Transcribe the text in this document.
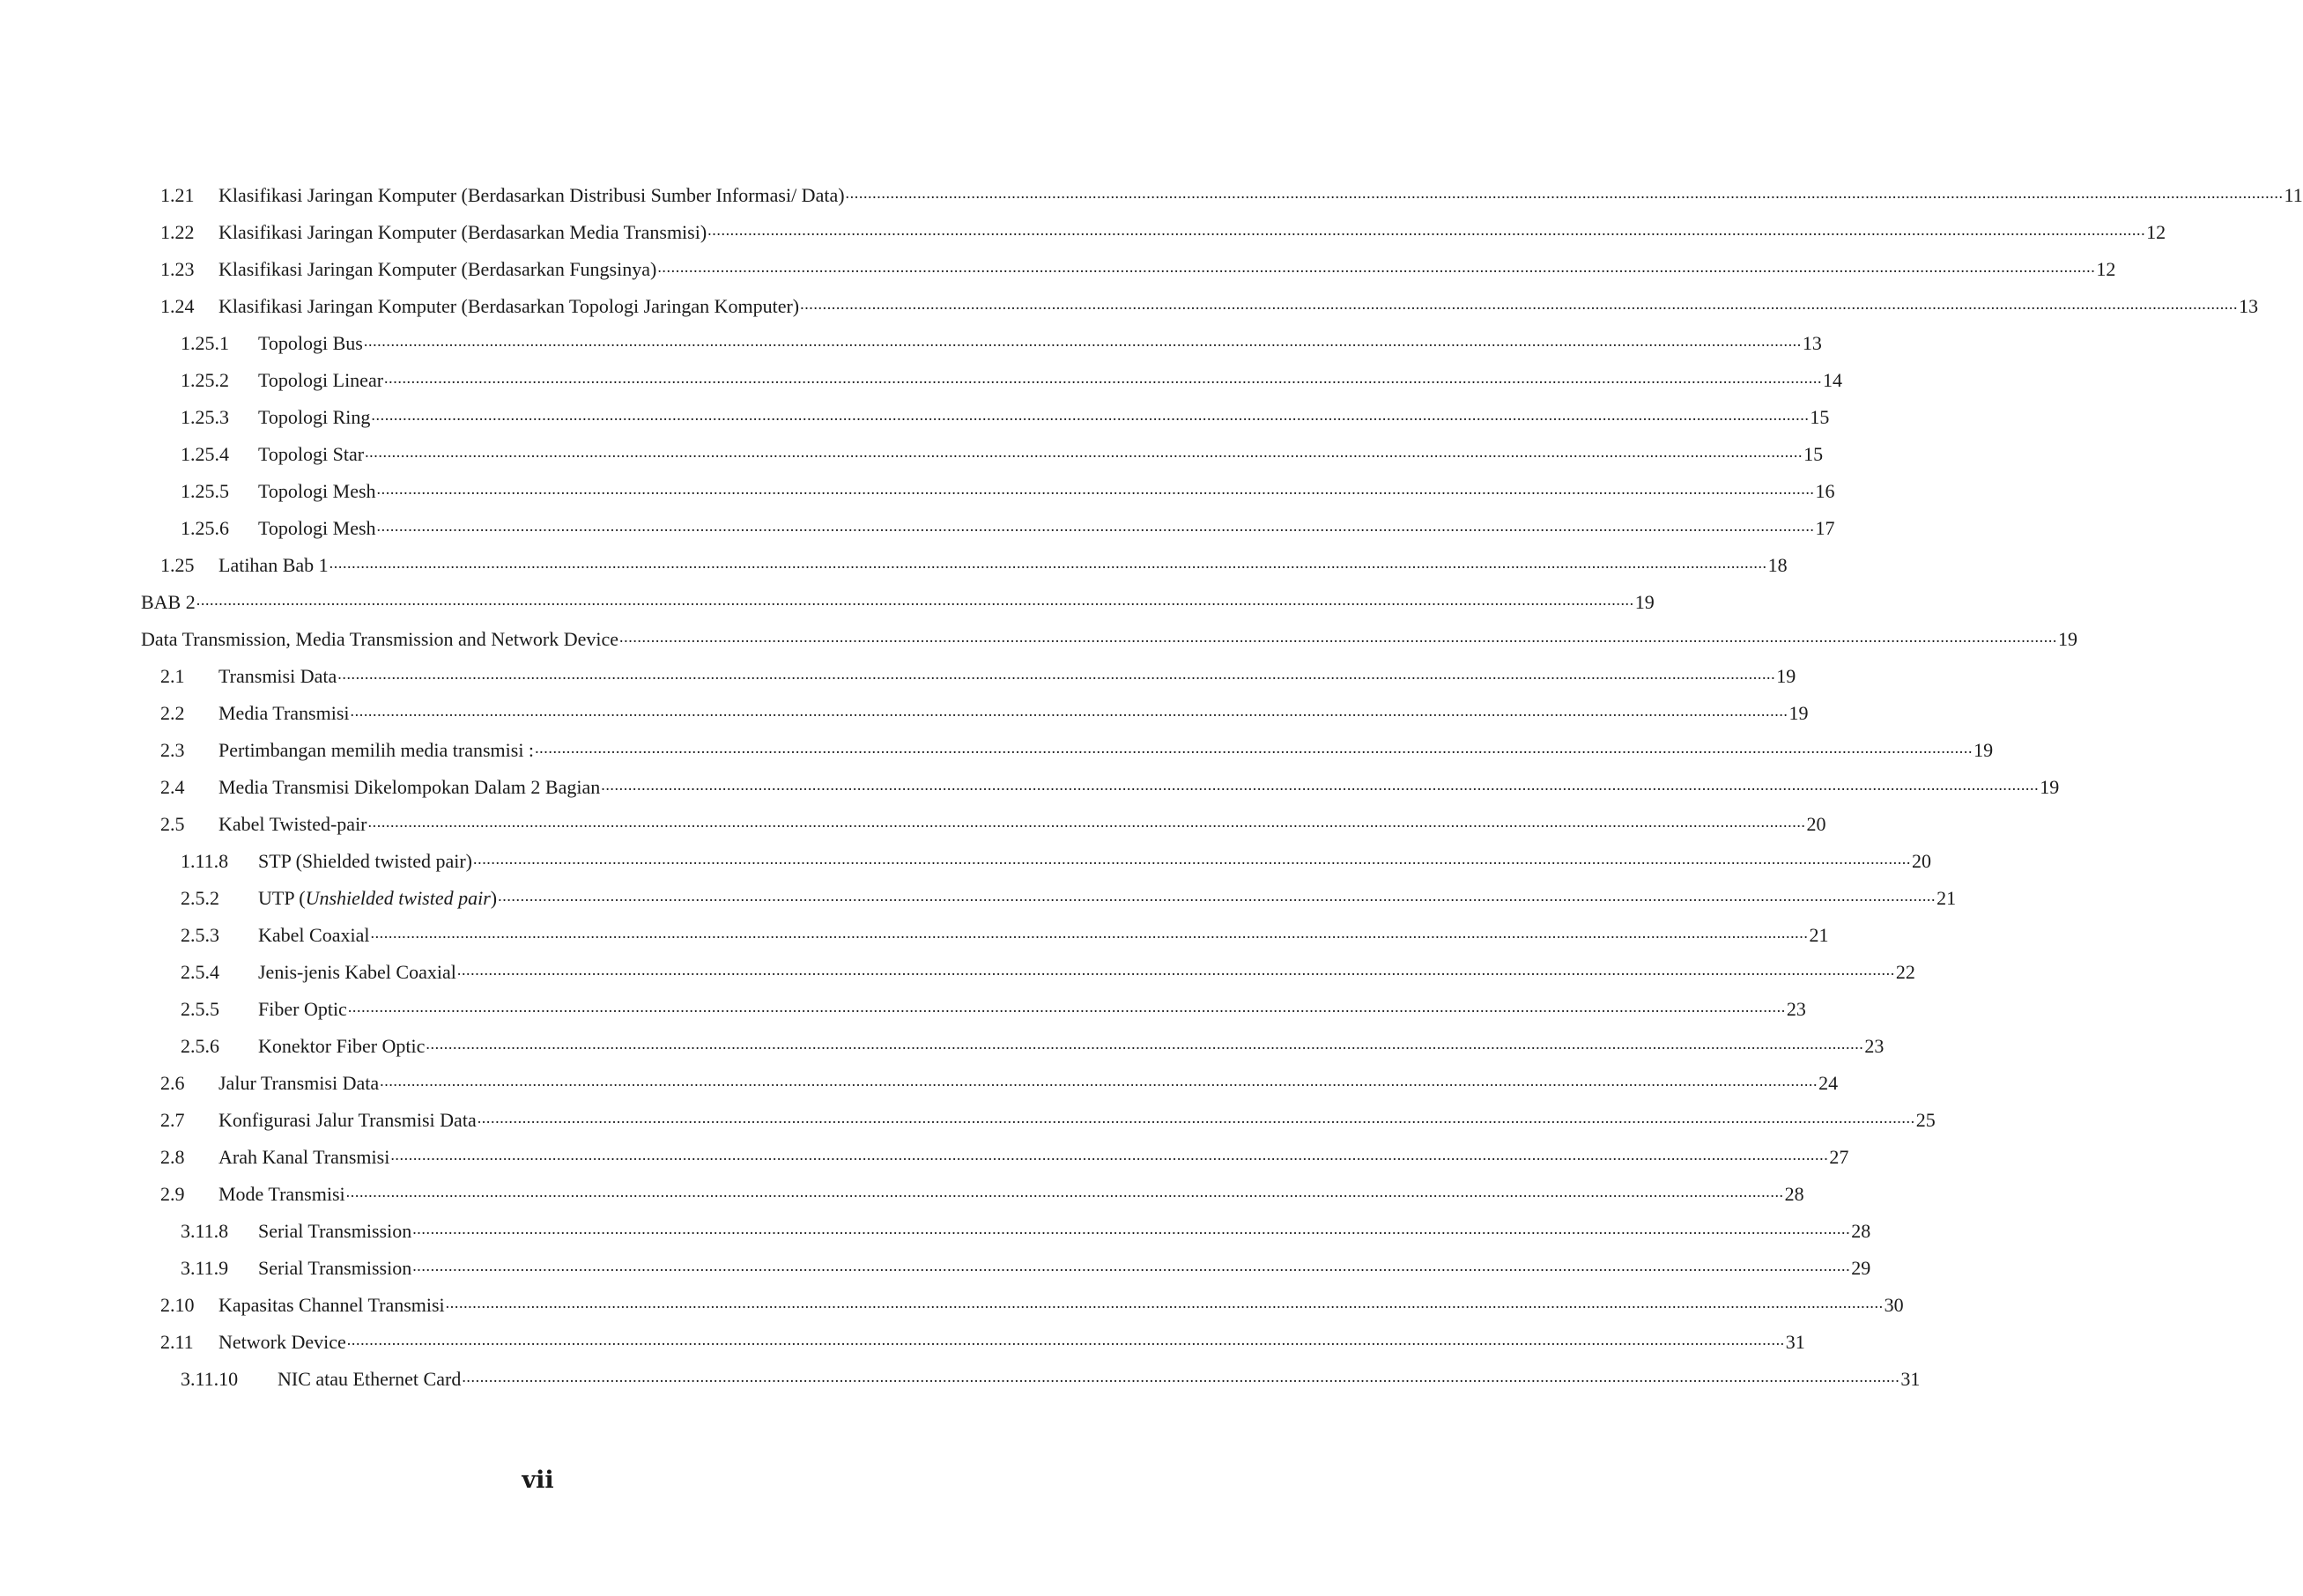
1.21	Klasifikasi Jaringan Komputer (Berdasarkan Distribusi Sumber Informasi/ Data) .....	11
1.22	Klasifikasi Jaringan Komputer (Berdasarkan Media Transmisi) .....	12
1.23	Klasifikasi Jaringan Komputer (Berdasarkan Fungsinya) .....	12
1.24	Klasifikasi Jaringan Komputer (Berdasarkan Topologi Jaringan Komputer) .....	13
1.25.1	Topologi Bus .....	13
1.25.2	Topologi Linear .....	14
1.25.3	Topologi Ring .....	15
1.25.4	Topologi Star .....	15
1.25.5	Topologi Mesh .....	16
1.25.6	Topologi Mesh .....	17
1.25	Latihan Bab 1 .....	18
BAB 2 .....	19
Data Transmission, Media Transmission and Network Device .....	19
2.1	Transmisi Data .....	19
2.2	Media Transmisi .....	19
2.3	Pertimbangan memilih media transmisi : .....	19
2.4	Media Transmisi Dikelompokan Dalam 2 Bagian .....	19
2.5	Kabel Twisted-pair .....	20
1.11.8	STP (Shielded twisted pair) .....	20
2.5.2	UTP (Unshielded twisted pair) .....	21
2.5.3	Kabel Coaxial .....	21
2.5.4	Jenis-jenis Kabel Coaxial .....	22
2.5.5	Fiber Optic .....	23
2.5.6	Konektor Fiber Optic .....	23
2.6	Jalur Transmisi Data .....	24
2.7	Konfigurasi Jalur Transmisi Data .....	25
2.8	Arah Kanal Transmisi .....	27
2.9	Mode Transmisi .....	28
3.11.8	Serial Transmission .....	28
3.11.9	Serial Transmission .....	29
2.10	Kapasitas Channel Transmisi .....	30
2.11	Network Device .....	31
3.11.10	NIC atau Ethernet Card .....	31
vii
